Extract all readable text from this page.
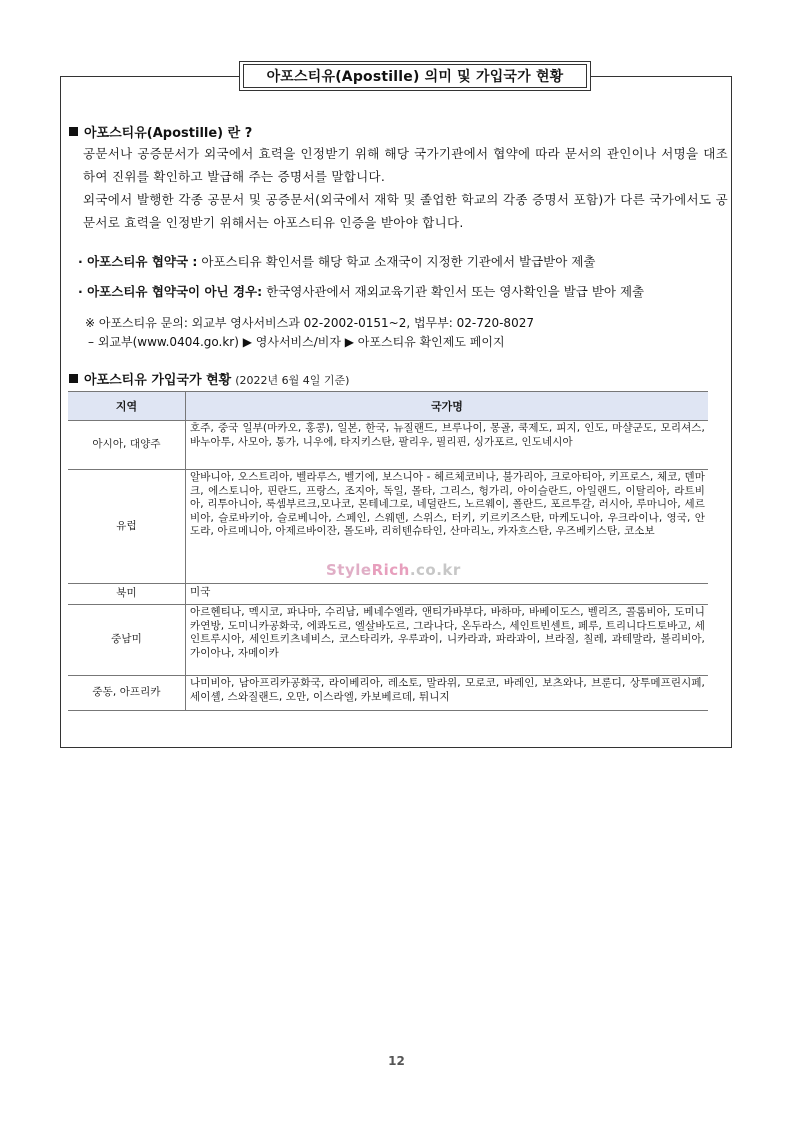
아포스티유(Apostille) 의미 및 가입국가 현황
아포스티유(Apostille) 란 ?
공문서나 공증문서가 외국에서 효력을 인정받기 위해 해당 국가기관에서 협약에 따라 문서의 관인이나 서명을 대조하여 진위를 확인하고 발급해 주는 증명서를 말합니다.
외국에서 발행한 각종 공문서 및 공증문서(외국에서 재학 및 졸업한 학교의 각종 증명서 포함)가 다른 국가에서도 공문서로 효력을 인정받기 위해서는 아포스티유 인증을 받아야 합니다.
· 아포스티유 협약국 : 아포스티유 확인서를 해당 학교 소재국이 지정한 기관에서 발급받아 제출
· 아포스티유 협약국이 아닌 경우: 한국영사관에서 재외교육기관 확인서 또는 영사확인을 발급 받아 제출
※ 아포스티유 문의: 외교부 영사서비스과 02-2002-0151~2, 법무부: 02-720-8027
– 외교부(www.0404.go.kr) ▶ 영사서비스/비자 ▶ 아포스티유 확인제도 페이지
아포스티유 가입국가 현황 (2022년 6월 4일 기준)
지역	국가명
아시아, 대양주	호주, 중국 일부(마카오, 홍콩), 일본, 한국, 뉴질랜드, 브루나이, 몽골, 쿡제도, 피지, 인도, 마샬군도, 모리셔스, 바누아투, 사모아, 통가, 니우에, 타지키스탄, 팔리우, 필리핀, 싱가포르, 인도네시아
유럽	알바니아, 오스트리아, 벨라루스, 벨기에, 보스니아 - 헤르체코비나, 불가리아, 크로아티아, 키프로스, 체코, 덴마크, 에스토니아, 핀란드, 프랑스, 조지아, 독일, 몰타, 그리스, 헝가리, 아이슬란드, 아일랜드, 이탈리아, 라트비아, 리투아니아, 룩셈부르크,모나코, 몬테네그로, 네덜란드, 노르웨이, 폴란드, 포르투갈, 러시아, 루마니아, 세르비아, 슬로바키아, 슬로베니아, 스페인, 스웨덴, 스위스, 터키, 키르키즈스탄, 마케도니아, 우크라이나, 영국, 안도라, 아르메니아, 아제르바이잔, 몰도바, 리히텐슈타인, 산마리노, 카자흐스탄, 우즈베키스탄, 코소보
북미	미국
중남미	아르헨티나, 멕시코, 파나마, 수리남, 베네수엘라, 앤티가바부다, 바하마, 바베이도스, 벨리즈, 콜롬비아, 도미니카연방, 도미니카공화국, 에콰도르, 엘살바도르, 그라나다, 온두라스, 세인트빈센트, 페루, 트리니다드토바고, 세인트루시아, 세인트키츠네비스, 코스타리카, 우루과이, 니카라과, 파라과이, 브라질, 칠레, 과테말라, 볼리비아, 가이아나, 자메이카
중동, 아프리카	나미비아, 남아프리카공화국, 라이베리아, 레소토, 말라위, 모로코, 바레인, 보츠와나, 브룬디, 상투메프린시페, 세이셸, 스와질랜드, 오만, 이스라엘, 카보베르데, 튀니지
StyleRich.co.kr
12
